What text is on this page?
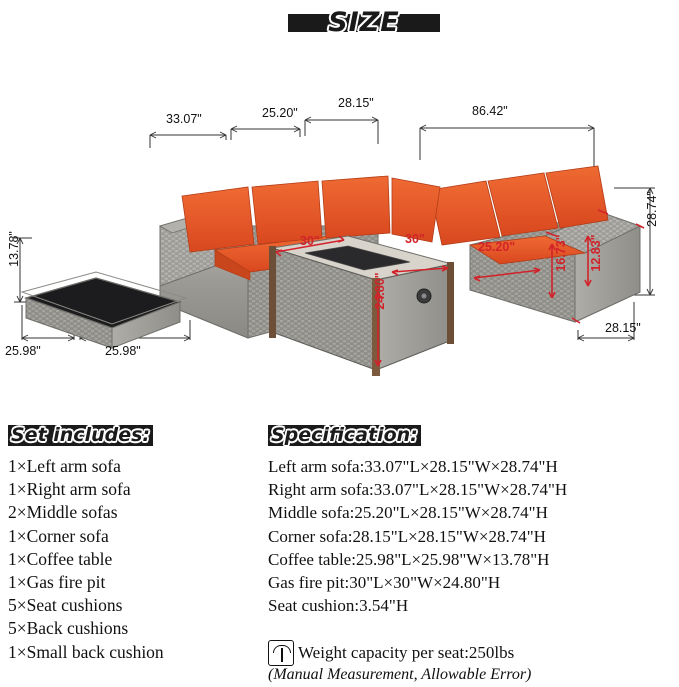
SIZE
33.07"	25.20"
28.15"
86.42"
28.74"
28.15"
30"	30"
24.80"
25.20"	16.73" 12.83"
13.78"
25.98"	25.98"
Set includes:
1×Left arm sofa
1×Right arm sofa
2×Middle sofas
1×Corner sofa
1×Coffee table
1×Gas fire pit
5×Seat cushions
5×Back cushions
1×Small back cushion
Specification:
Left arm sofa:33.07"L×28.15"W×28.74"H
Right arm sofa:33.07"L×28.15"W×28.74"H
Middle sofa:25.20"L×28.15"W×28.74"H
Corner sofa:28.15"L×28.15"W×28.74"H
Coffee table:25.98"L×25.98"W×13.78"H
Gas fire pit:30"L×30"W×24.80"H
Seat cushion:3.54"H
Weight capacity per seat:250lbs
(Manual Measurement, Allowable Error)
